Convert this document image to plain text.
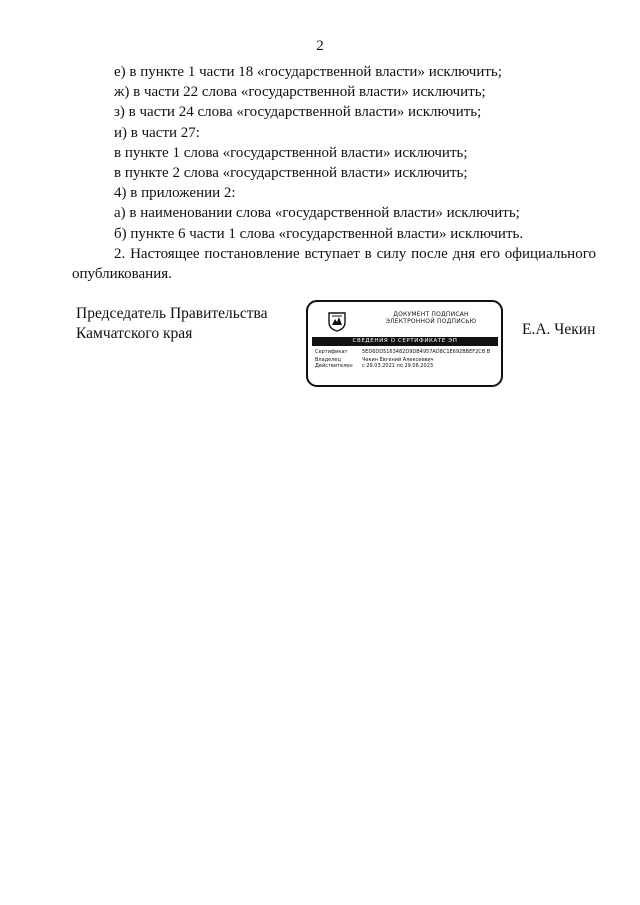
2
е) в пункте 1 части 18 «государственной власти» исключить;
ж) в части 22 слова «государственной власти» исключить;
з) в части 24 слова «государственной власти» исключить;
и) в части 27:
в пункте 1 слова «государственной власти» исключить;
в пункте 2 слова «государственной власти» исключить;
4) в приложении 2:
а) в наименовании слова «государственной власти» исключить;
б) пункте 6 части 1 слова «государственной власти» исключить.
2. Настоящее постановление вступает в силу после дня его официального опубликования.
Председатель Правительства
Камчатского края
ДОКУМЕНТ ПОДПИСАН
ЭЛЕКТРОННОЙ ПОДПИСЬЮ
СВЕДЕНИЯ О СЕРТИФИКАТЕ ЭП
Сертификат	5ED6DD5163482D9DB4957AD8C1E692BBEF2CB B
Владелец	Чекин Евгений Алексеевич
Действителен	с 29.03.2021 по 29.06.2023
Е.А. Чекин
